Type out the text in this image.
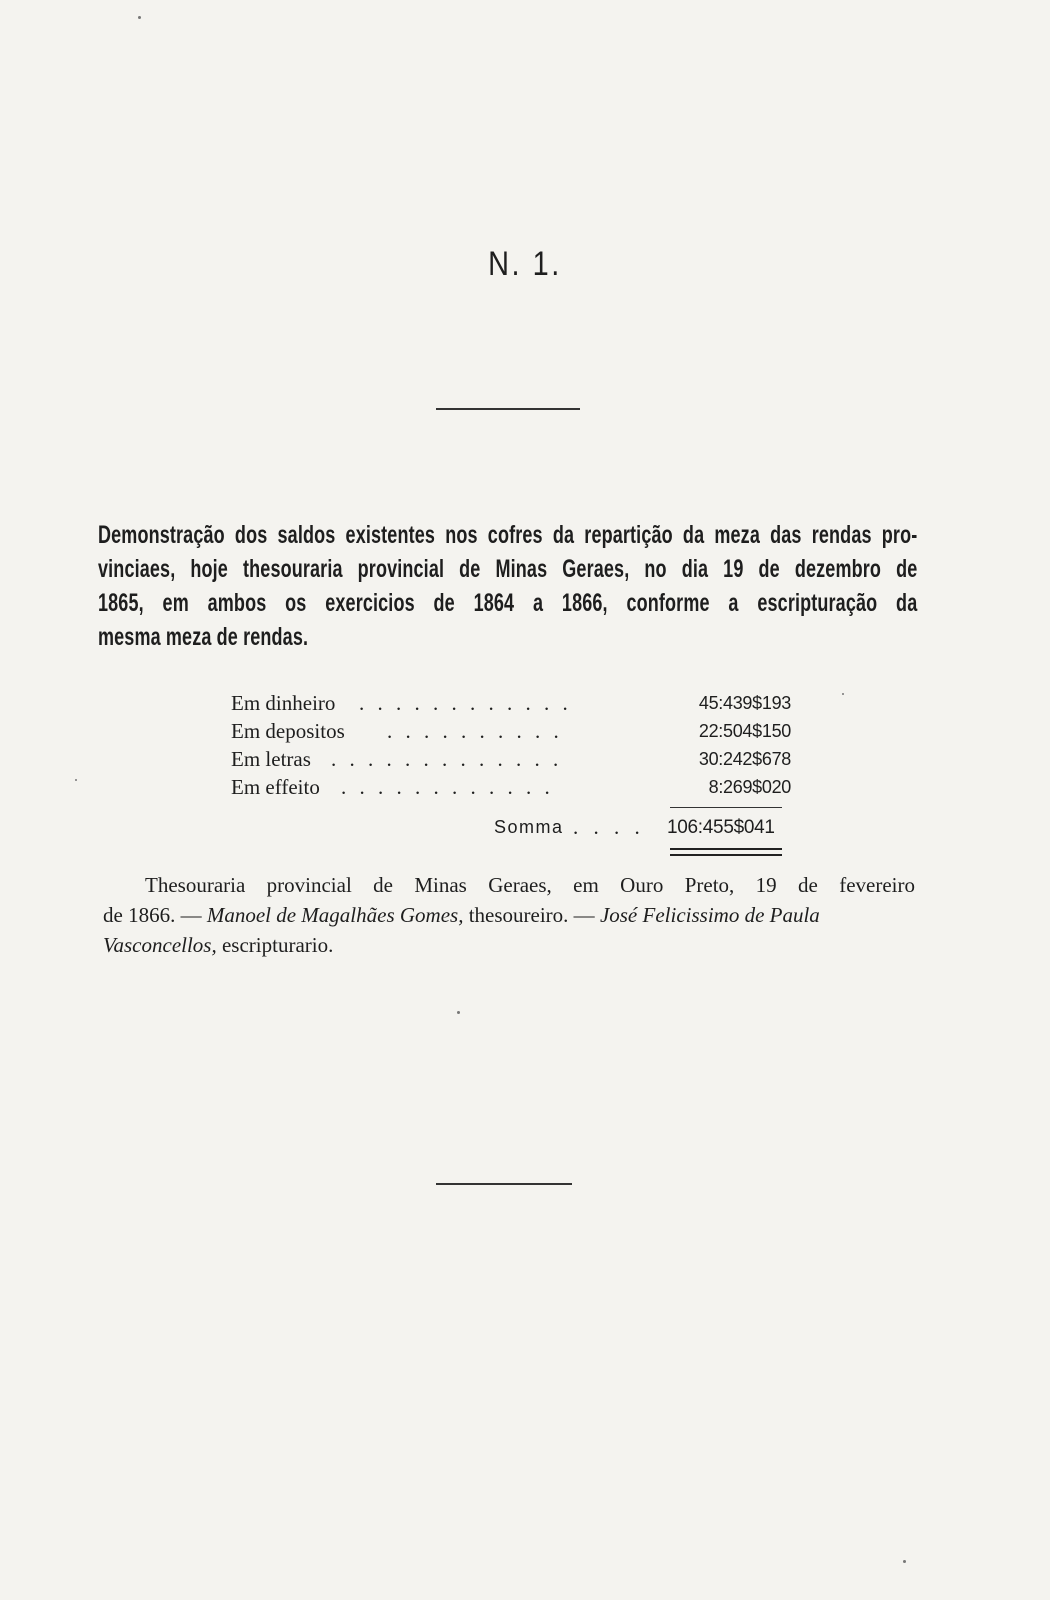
N. 1.
Demonstração dos saldos existentes nos cofres da repartição da meza das rendas pro-
vinciaes, hoje thesouraria provincial de Minas Geraes, no dia 19 de dezembro de
1865, em ambos os exercicios de 1864 a 1866, conforme a escripturação da
mesma meza de rendas.
Em dinheiro . . . . . . . . . . . .	45:439$193
Em depositos . . . . . . . . . .	22:504$150
Em letras . . . . . . . . . . . . .	30:242$678
Em effeito . . . . . . . . . . . .	8:269$020
Somma . . . . 106:455$041
Thesouraria provincial de Minas Geraes, em Ouro Preto, 19 de fevereiro
de 1866. — Manoel de Magalhães Gomes, thesoureiro. — José Felicissimo de Paula
Vasconcellos, escripturario.
